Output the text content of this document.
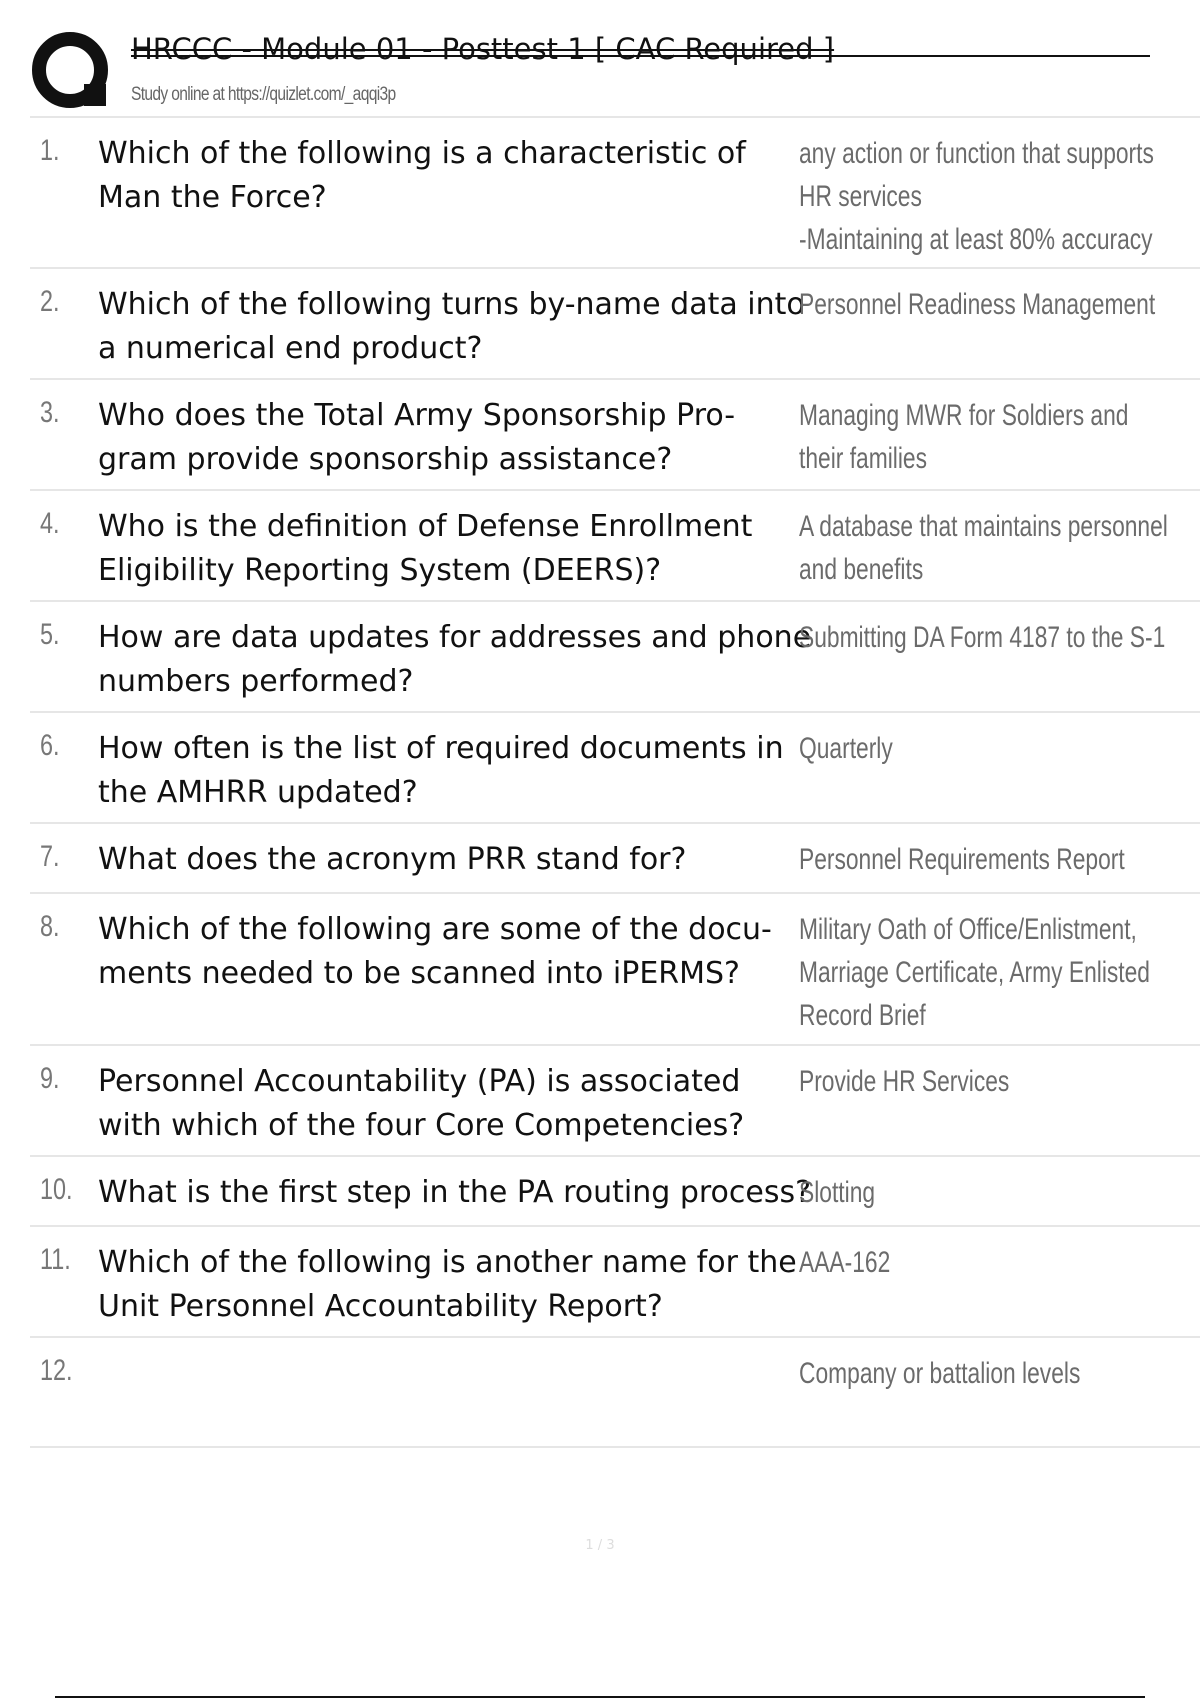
HRCCC - Module 01 - Posttest 1 [ CAC Required ]
Study online at https://quizlet.com/_aqqi3p
1. Which of the following is a characteristic of Man the Force?
any action or function that supports HR services
-Maintaining at least 80% accuracy
2. Which of the following turns by-name data into a numerical end product?
Personnel Readiness Management
3. Who does the Total Army Sponsorship Pro- gram provide sponsorship assistance?
Managing MWR for Soldiers and their families
4. Who is the definition of Defense Enrollment Eligibility Reporting System (DEERS)?
A database that maintains personnel and benefits
5. How are data updates for addresses and phone numbers performed?
Submitting DA Form 4187 to the S-1
6. How often is the list of required documents in the AMHRR updated?
Quarterly
7. What does the acronym PRR stand for?	Personnel Requirements Report
8. Which of the following are some of the docu- ments needed to be scanned into iPERMS?
Military Oath of Office/Enlistment, Marriage Certificate, Army Enlisted Record Brief
9. Personnel Accountability (PA) is associated with which of the four Core Competencies?
Provide HR Services
10. What is the first step in the PA routing process?
Slotting
11. Which of the following is another name for the Unit Personnel Accountability Report?
AAA-162
12.	Company or battalion levels
1 / 3
